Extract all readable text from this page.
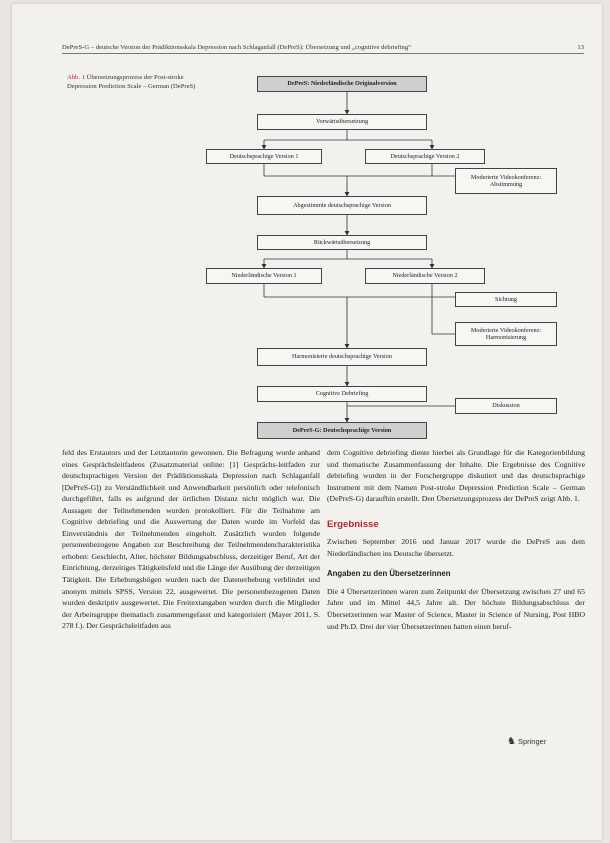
DePreS-G – deutsche Version der Prädiktionsskala Depression nach Schlaganfall (DePreS): Übersetzung und „cognitive debriefing“	13
Abb. 1 Übersetzungsprozess der Post-stroke Depression Prediction Scale – German (DePreS)	DePreS: Niederländische Originalversion
Vorwärtsübersetzung
Deutschsprachige Version 1	Deutschsprachige Version 2
Moderierte Videokonferenz: Abstimmung
Abgestimmte deutschsprachige Version
Rückwärtsübersetzung
Niederländische Version 1	Niederländische Version 2
Sichtung
Moderierte Videokonferenz: Harmonisierung
Harmonisierte deutschsprachige Version
Cognitive Debriefing
Diskussion
DePreS-G: Deutschsprachige Version

feld des Erstautors und der Letztautorin gewonnen. Die Befragung wurde anhand eines Gesprächsleitfadens (Zusatzmaterial online: [1] Gesprächs-leitfaden zur deutschsprachigen Version der Prädiktionsskala Depression nach Schlaganfall [DePreS-G]) zu Verständlichkeit und Anwendbarkeit persönlich oder telefonisch durchgeführt, falls es aufgrund der örtlichen Distanz nicht möglich war. Die Aussagen der Teilnehmenden wurden protokolliert. Für die Teilnahme am Cognitive debriefing und die Auswertung der Daten wurde im Vorfeld das Einverständnis der Teilnehmenden eingeholt. Zusätzlich wurden folgende personenbezogene Angaben zur Beschreibung der Teilnehmendencharakteristika erhoben: Geschlecht, Alter, höchster Bildungsabschluss, derzeitiger Beruf, Art der Einrichtung, derzeitiges Tätigkeitsfeld und die Länge der Ausübung der derzeitigen Tätigkeit. Die Erhebungsbögen wurden nach der Datenerhebung verblindet und anonym mittels SPSS, Version 22, ausgewertet. Die personenbezogenen Daten wurden deskriptiv ausgewertet. Die Freitextangaben wurden durch die Mitglieder der Arbeitsgruppe thematisch zusammengefasst und kategorisiert (Mayer 2011, S. 278 f.). Der Gesprächsleitfaden aus

dem Cognitive debriefing diente hierbei als Grundlage für die Kategorienbildung und thematische Zusammenfassung der Inhalte. Die Ergebnisse des Cognitive debriefing wurden in der Forschergruppe diskutiert und das deutschsprachige Instrument mit dem Namen Post-stroke Depression Prediction Scale – German (DePreS-G) daraufhin erstellt. Den Übersetzungsprozess der DePreS zeigt Abb. 1.

Ergebnisse

Zwischen September 2016 und Januar 2017 wurde die DePreS aus dem Niederländischen ins Deutsche übersetzt.

Angaben zu den Übersetzerinnen

Die 4 Übersetzerinnen waren zum Zeitpunkt der Übersetzung zwischen 27 und 65 Jahre und im Mittel 44,5 Jahre alt. Der höchste Bildungsabschluss der Übersetzerinnen war Master of Science, Master in Science of Nursing, Post HBO und Ph.D. Drei der vier Übersetzerinnen hatten einen beruf-

♞ Springer
